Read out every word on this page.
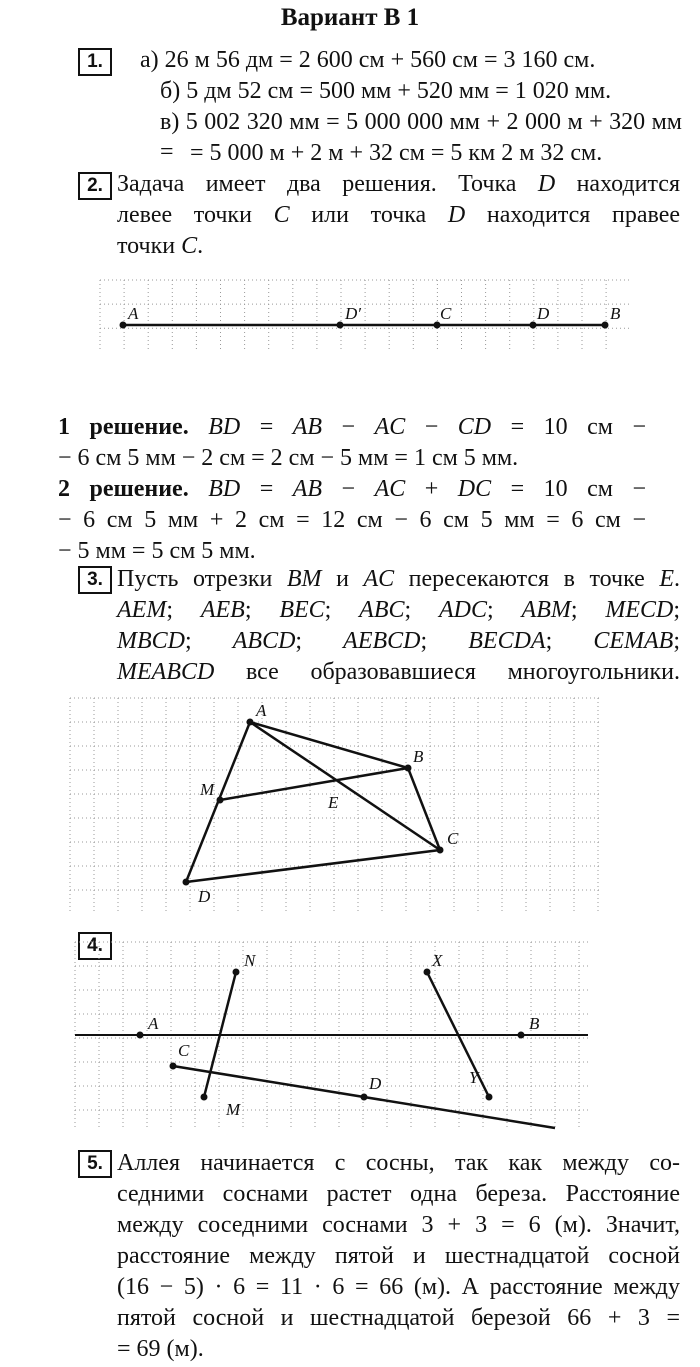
Вариант В 1
1.
2.
3.
4.
5.
а) 26 м 56 дм = 2 600 см + 560 см = 3 160 см.
б) 5 дм 52 см = 500 мм + 520 мм = 1 020 мм.
в) 5 002 320 мм = 5 000 000 мм + 2 000 м + 320 мм = = 5 000 м + 2 м + 32 см = 5 км 2 м 32 см.
Задача имеет два решения. Точка D находится
левее точки C или точка D находится правее
точки C.
1 решение. BD = AB − AC − CD = 10 см −
− 6 см 5 мм − 2 см = 2 см − 5 мм = 1 см 5 мм.
2 решение. BD = AB − AC + DC = 10 см −
− 6 см 5 мм + 2 см = 12 см − 6 см 5 мм = 6 см −
− 5 мм = 5 см 5 мм.
Пусть отрезки BM и AC пересекаются в точке E.
AEM; AEB; BEC; ABC; ADC; ABM; MECD;
MBCD; ABCD; AEBCD; BECDA; CEMAB;
MEABCD все образовавшиеся многоугольники.
Аллея начинается с сосны, так как между со-
седними соснами растет одна береза. Расстояние
между соседними соснами 3 + 3 = 6 (м). Значит,
расстояние между пятой и шестнадцатой сосной
(16 − 5) · 6 = 11 · 6 = 66 (м). А расстояние между
пятой сосной и шестнадцатой березой 66 + 3 =
= 69 (м).
A	D′	C	D	B
A
B
M
E
C
D
N	X
A	B
C
D
M
Y
